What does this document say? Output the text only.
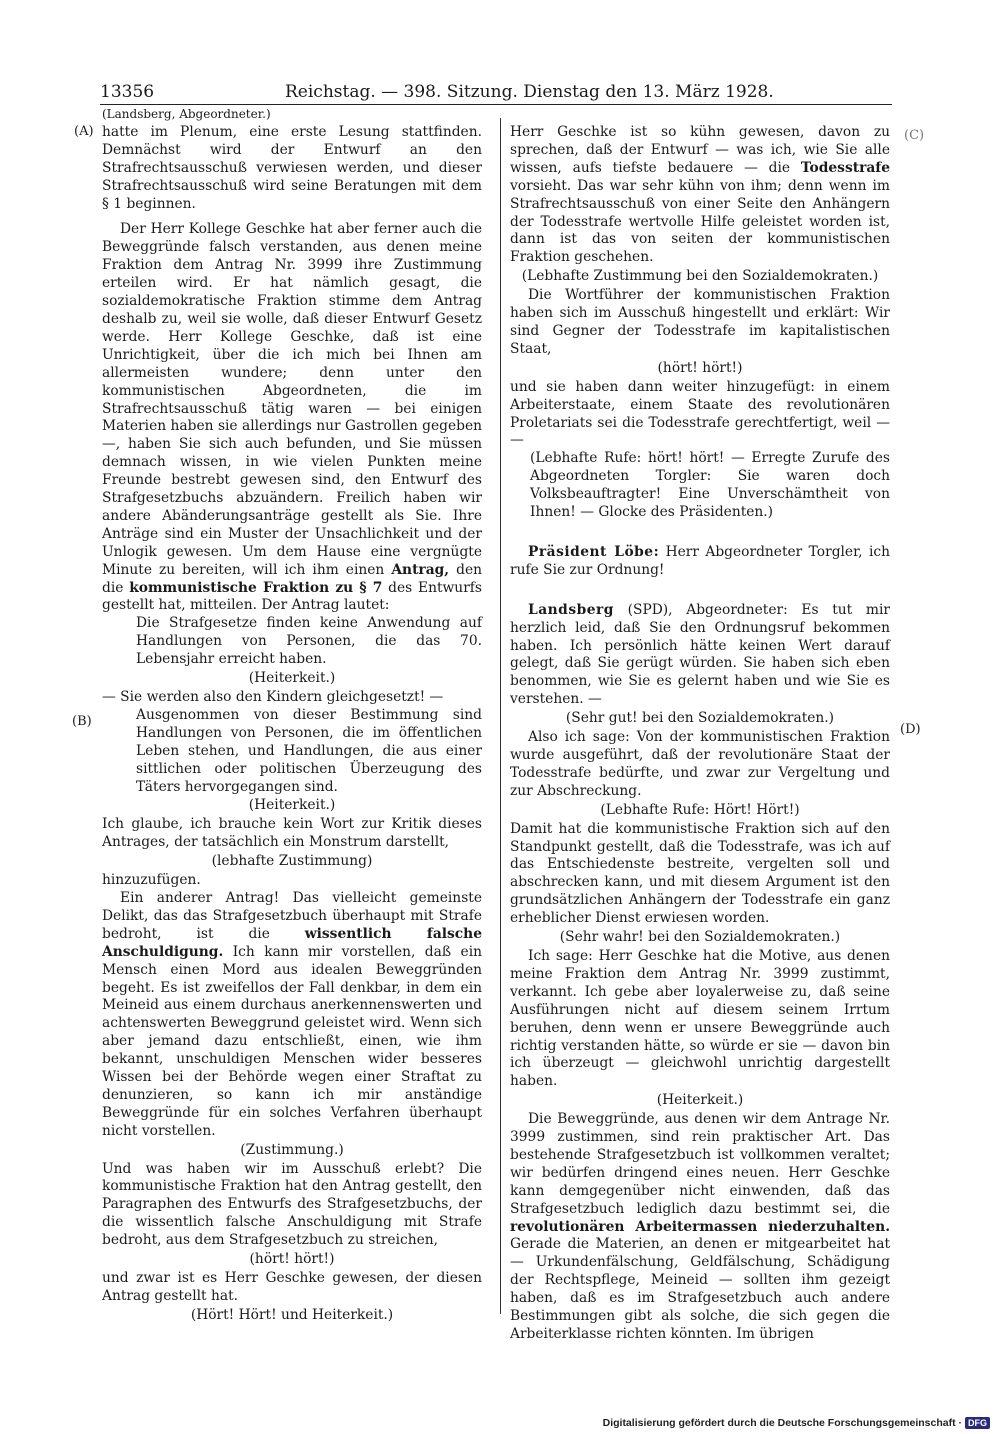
13356	Reichstag. — 398. Sitzung. Dienstag den 13. März 1928.
(A)
(B)
(C)
(D)

(Landsberg, Abgeordneter.)

hatte im Plenum, eine erste Lesung stattfinden. Demnächst wird der Entwurf an den Strafrechtsausschuß verwiesen werden, und dieser Strafrechtsausschuß wird seine Beratungen mit dem § 1 beginnen.

Der Herr Kollege Geschke hat aber ferner auch die Beweggründe falsch verstanden, aus denen meine Fraktion dem Antrag Nr. 3999 ihre Zustimmung erteilen wird. Er hat nämlich gesagt, die sozialdemokratische Fraktion stimme dem Antrag deshalb zu, weil sie wolle, daß dieser Entwurf Gesetz werde. Herr Kollege Geschke, daß ist eine Unrichtigkeit, über die ich mich bei Ihnen am allermeisten wundere; denn unter den kommunistischen Abgeordneten, die im Strafrechtsausschuß tätig waren — bei einigen Materien haben sie allerdings nur Gastrollen gegeben —, haben Sie sich auch befunden, und Sie müssen demnach wissen, in wie vielen Punkten meine Freunde bestrebt gewesen sind, den Entwurf des Strafgesetzbuchs abzuändern. Freilich haben wir andere Abänderungsanträge gestellt als Sie. Ihre Anträge sind ein Muster der Unsachlichkeit und der Unlogik gewesen. Um dem Hause eine vergnügte Minute zu bereiten, will ich ihm einen Antrag, den die kommunistische Fraktion zu § 7 des Entwurfs gestellt hat, mitteilen. Der Antrag lautet:

Die Strafgesetze finden keine Anwendung auf Handlungen von Personen, die das 70. Lebensjahr erreicht haben.

(Heiterkeit.)

— Sie werden also den Kindern gleichgesetzt! —

Ausgenommen von dieser Bestimmung sind Handlungen von Personen, die im öffentlichen Leben stehen, und Handlungen, die aus einer sittlichen oder politischen Überzeugung des Täters hervorgegangen sind.

(Heiterkeit.)

Ich glaube, ich brauche kein Wort zur Kritik dieses Antrages, der tatsächlich ein Monstrum darstellt,

(lebhafte Zustimmung)

hinzuzufügen.

Ein anderer Antrag! Das vielleicht gemeinste Delikt, das das Strafgesetzbuch überhaupt mit Strafe bedroht, ist die	wissentlich falsche Anschuldigung. Ich kann mir vorstellen, daß ein Mensch einen Mord aus idealen Beweggründen begeht. Es ist zweifellos der Fall denkbar, in dem ein Meineid aus einem durchaus anerkennenswerten und achtenswerten Beweggrund geleistet wird. Wenn sich aber jemand dazu entschließt, einen, wie ihm bekannt, unschuldigen Menschen wider besseres Wissen bei der Behörde wegen einer Straftat zu denunzieren, so kann ich mir anständige Beweggründe für ein solches Verfahren überhaupt nicht vorstellen.

(Zustimmung.)

Und was haben wir im Ausschuß erlebt? Die kommunistische Fraktion hat den Antrag gestellt, den Paragraphen des Entwurfs des Strafgesetzbuchs, der die wissentlich falsche Anschuldigung mit Strafe bedroht, aus dem Strafgesetzbuch zu streichen,

(hört! hört!)

und zwar ist es Herr Geschke gewesen, der diesen Antrag gestellt hat.

(Hört! Hört! und Heiterkeit.)

Herr Geschke ist so kühn gewesen, davon zu sprechen, daß der Entwurf — was ich, wie Sie alle wissen, aufs tiefste bedauere — die Todesstrafe vorsieht. Das war sehr kühn von ihm; denn wenn im Strafrechtsausschuß von einer Seite den Anhängern der Todesstrafe wertvolle Hilfe geleistet worden ist, dann ist das von seiten der kommunistischen Fraktion geschehen.

(Lebhafte Zustimmung bei den Sozialdemokraten.)

Die Wortführer der kommunistischen Fraktion haben sich im Ausschuß hingestellt und erklärt: Wir sind Gegner der Todesstrafe im kapitalistischen Staat,

(hört! hört!)

und sie haben dann weiter hinzugefügt: in einem Arbeiterstaate, einem Staate des revolutionären Proletariats sei die Todesstrafe gerechtfertigt, weil — —

(Lebhafte Rufe: hört! hört! — Erregte Zurufe des Abgeordneten Torgler: Sie waren doch Volksbeauftragter! Eine Unverschämtheit von Ihnen! — Glocke des Präsidenten.)

Präsident Löbe: Herr Abgeordneter Torgler, ich rufe Sie zur Ordnung!

Landsberg (SPD), Abgeordneter: Es tut mir herzlich leid, daß Sie den Ordnungsruf bekommen haben. Ich persönlich hätte keinen Wert darauf gelegt, daß Sie gerügt würden. Sie haben sich eben benommen, wie Sie es gelernt haben und wie Sie es verstehen. —

(Sehr gut! bei den Sozialdemokraten.)

Also ich sage: Von der kommunistischen Fraktion wurde ausgeführt, daß der revolutionäre Staat der Todesstrafe bedürfte, und zwar zur Vergeltung und zur Abschreckung.

(Lebhafte Rufe: Hört! Hört!)

Damit hat die kommunistische Fraktion sich auf den Standpunkt gestellt, daß die Todesstrafe, was ich auf das Entschiedenste bestreite, vergelten soll und abschrecken kann, und mit diesem Argument ist den grundsätzlichen Anhängern der Todesstrafe ein ganz erheblicher Dienst erwiesen worden.

(Sehr wahr! bei den Sozialdemokraten.)

Ich sage: Herr Geschke hat die Motive, aus denen meine Fraktion dem Antrag Nr. 3999 zustimmt, verkannt. Ich gebe aber loyalerweise zu, daß seine Ausführungen nicht auf diesem seinem Irrtum beruhen, denn wenn er unsere Beweggründe auch richtig verstanden hätte, so würde er sie — davon bin ich überzeugt — gleichwohl unrichtig dargestellt haben.

(Heiterkeit.)

Die Beweggründe, aus denen wir dem Antrage Nr. 3999 zustimmen, sind rein praktischer Art. Das bestehende Strafgesetzbuch ist vollkommen veraltet; wir bedürfen dringend eines neuen. Herr Geschke kann demgegenüber nicht einwenden, daß das Strafgesetzbuch lediglich dazu bestimmt sei, die revolutionären Arbeitermassen niederzuhalten. Gerade die Materien, an denen er mitgearbeitet hat — Urkundenfälschung, Geldfälschung, Schädigung der Rechtspflege, Meineid — sollten ihm gezeigt haben, daß es im Strafgesetzbuch auch andere Bestimmungen gibt als solche, die sich gegen die Arbeiterklasse richten könnten. Im übrigen

Digitalisierung gefördert durch die Deutsche Forschungsgemeinschaft · DFG
